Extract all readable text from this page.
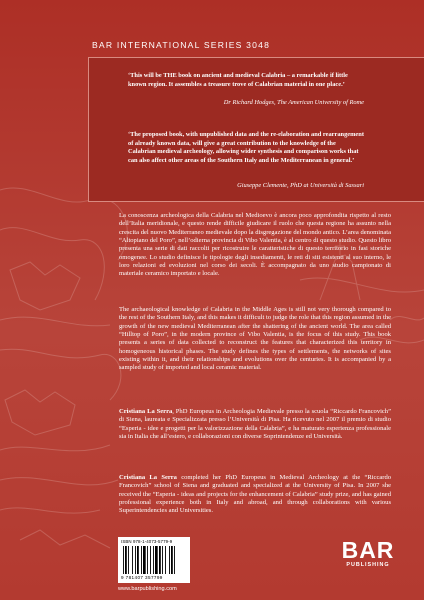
BAR INTERNATIONAL SERIES 3048
‘This will be THE book on ancient and medieval Calabria – a remarkable if little known region. It assembles a treasure trove of Calabrian material in one place.’
Dr Richard Hodges, The American University of Rome
‘The proposed book, with unpublished data and the re-elaboration and rearrangement of already known data, will give a great contribution to the knowledge of the Calabrian medieval archeology, allowing wider synthesis and comparison works that can also affect other areas of the Southern Italy and the Mediterranean in general.’
Giuseppe Clemente, PhD at Università di Sassari
La conoscenza archeologica della Calabria nel Medioevo è ancora poco approfondita rispetto al resto dell’Italia meridionale, e questo rende difficile giudicare il ruolo che questa regione ha assunto nella crescita del nuovo Mediterraneo medievale dopo la disgregazione del mondo antico. L’area denominata “Altopiano del Poro”, nell’odierna provincia di Vibo Valentia, è al centro di questo studio. Questo libro presenta una serie di dati raccolti per ricostruire le caratteristiche di questo territorio in fasi storiche omogenee. Lo studio definisce le tipologie degli insediamenti, le reti di siti esistenti al suo interno, le loro relazioni ed evoluzioni nel corso dei secoli. È accompagnato da uno studio campionato di materiale ceramico importato e locale.
The archaeological knowledge of Calabria in the Middle Ages is still not very thorough compared to the rest of the Southern Italy, and this makes it difficult to judge the role that this region assumed in the growth of the new medieval Mediterranean after the shattering of the ancient world. The area called “Hilltop of Poro”, in the modern province of Vibo Valentia, is the focus of this study. This book presents a series of data collected to reconstruct the features that characterized this territory in homogeneous historical phases. The study defines the types of settlements, the networks of sites existing within it, and their relationships and evolutions over the centuries. It is accompanied by a sampled study of imported and local ceramic material.
Cristiana La Serra, PhD Europeus in Archeologia Medievale presso la scuola “Riccardo Francovich” di Siena, laureata e Specializzata presso l’Università di Pisa. Ha ricevuto nel 2007 il premio di studio “Esperia - idee e progetti per la valorizzazione della Calabria”, e ha maturato esperienza professionale sia in Italia che all’estero, e collaborazioni con diverse Soprintendenze ed Università.
Cristiana La Serra completed her PhD Europeus in Medieval Archeology at the “Riccardo Francovich” school of Siena and graduated and specialized at the University of Pisa. In 2007 she received the “Esperia - ideas and projects for the enhancement of Calabria” study prize, and has gained professional experience both in Italy and abroad, and through collaborations with various Superintendencies and Universities.
ISBN 978-1-4073-5779-9
9 781407 357799
www.barpublishing.com
BAR
PUBLISHING
